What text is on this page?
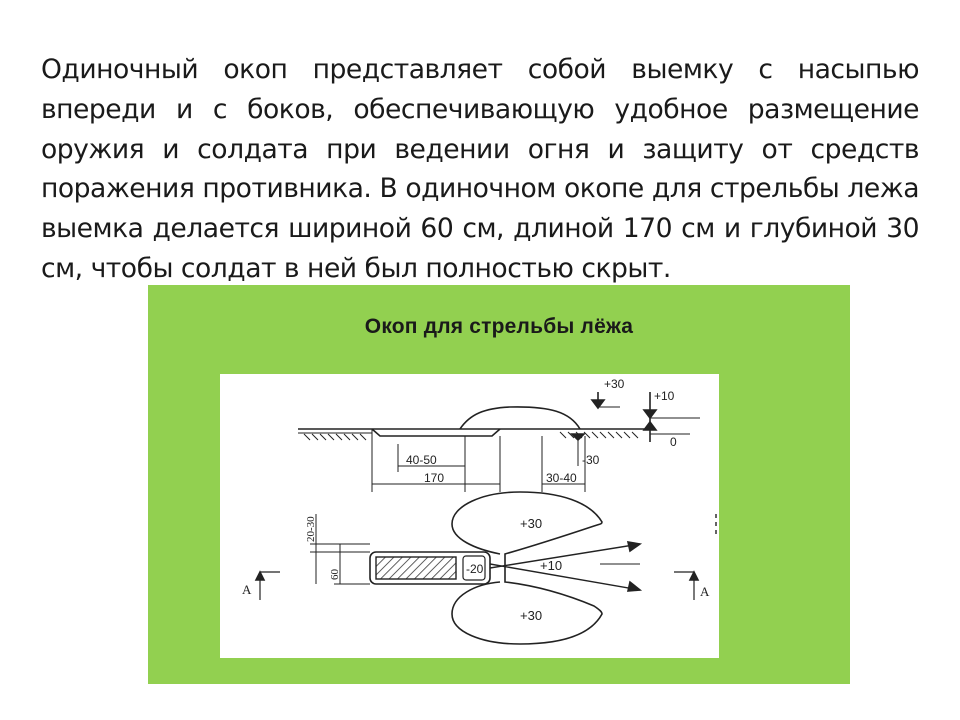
Одиночный окоп представляет собой выемку с насыпью впереди и с боков, обеспечивающую удобное размещение оружия и солдата при ведении огня и защиту от средств поражения противника. В одиночном окопе для стрельбы лежа выемка делается шириной 60 см, длиной 170 см и глубиной 30 см, чтобы солдат в ней был полностью скрыт.

Окоп для стрельбы лёжа
+30
+10
0
-30
40-50
170	30-40
20-30
60
+30
+10
+30
-20
A	A
